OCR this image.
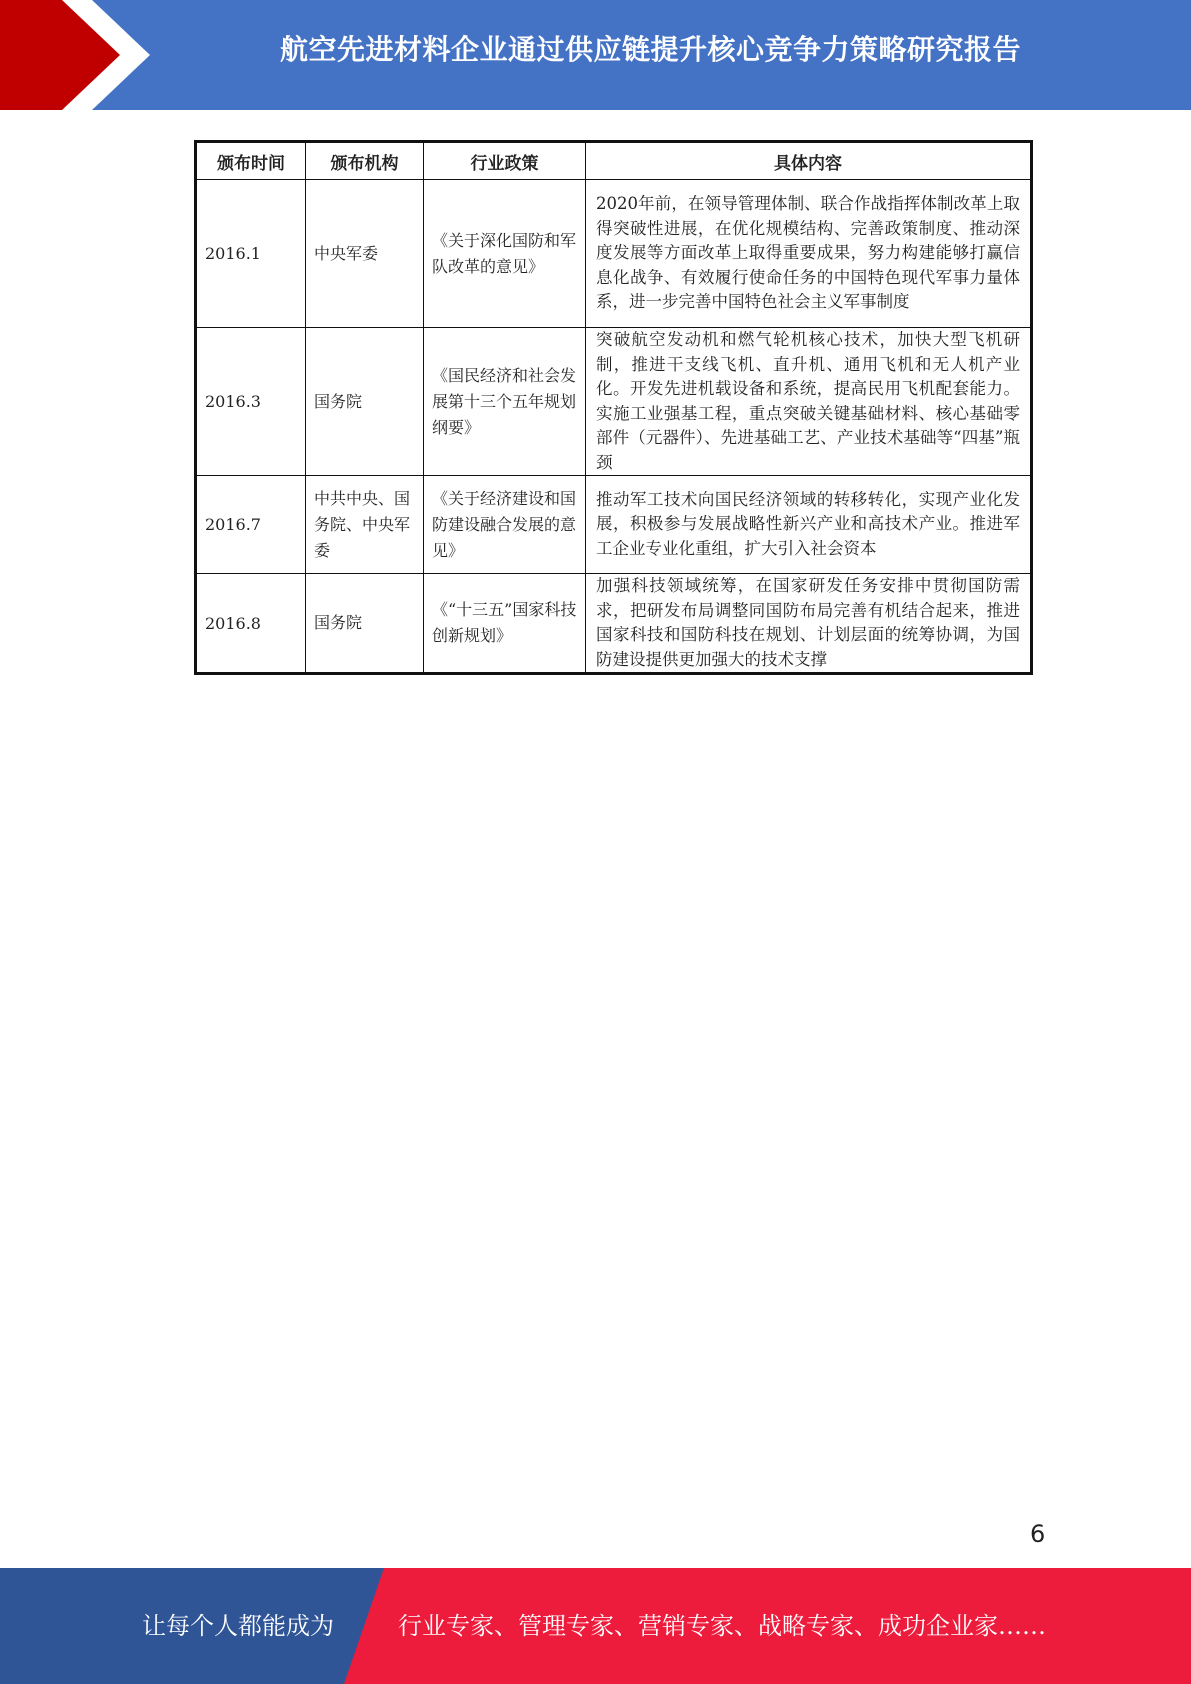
航空先进材料企业通过供应链提升核心竞争力策略研究报告
颁布时间	颁布机构	行业政策	具体内容
2016.1	中央军委	《关于深化国防和军队改革的意见》	2020年前，在领导管理体制、联合作战指挥体制改革上取得突破性进展，在优化规模结构、完善政策制度、推动深度发展等方面改革上取得重要成果，努力构建能够打赢信息化战争、有效履行使命任务的中国特色现代军事力量体系，进一步完善中国特色社会主义军事制度
2016.3	国务院	《国民经济和社会发展第十三个五年规划纲要》	突破航空发动机和燃气轮机核心技术，加快大型飞机研制，推进干支线飞机、直升机、通用飞机和无人机产业化。开发先进机载设备和系统，提高民用飞机配套能力。实施工业强基工程，重点突破关键基础材料、核心基础零部件（元器件）、先进基础工艺、产业技术基础等“四基”瓶颈
2016.7	中共中央、国务院、中央军委	《关于经济建设和国防建设融合发展的意见》	推动军工技术向国民经济领域的转移转化，实现产业化发展，积极参与发展战略性新兴产业和高技术产业。推进军工企业专业化重组，扩大引入社会资本
2016.8	国务院	《“十三五”国家科技创新规划》	加强科技领域统筹，在国家研发任务安排中贯彻国防需求，把研发布局调整同国防布局完善有机结合起来，推进国家科技和国防科技在规划、计划层面的统筹协调，为国防建设提供更加强大的技术支撑
6
让每个人都能成为	行业专家、管理专家、营销专家、战略专家、成功企业家……
